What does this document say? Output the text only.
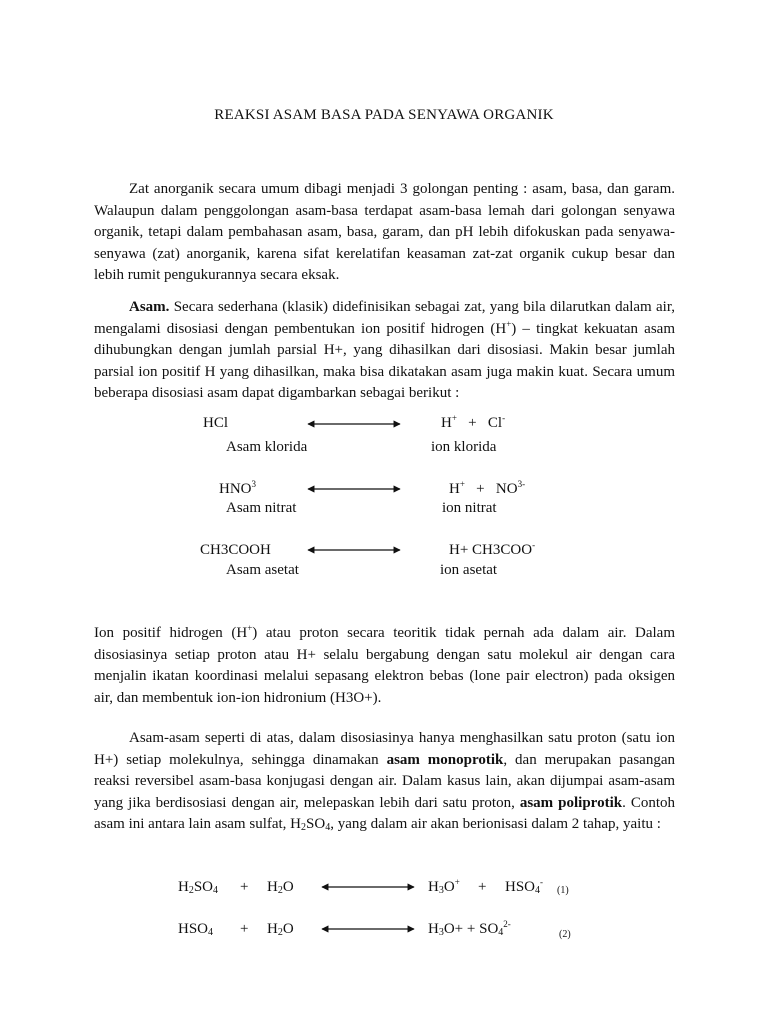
REAKSI ASAM BASA PADA SENYAWA ORGANIK

Zat anorganik secara umum dibagi menjadi 3 golongan penting : asam, basa, dan garam. Walaupun dalam penggolongan asam-basa terdapat asam-basa lemah dari golongan senyawa organik, tetapi dalam pembahasan asam, basa, garam, dan pH lebih difokuskan pada senyawa-senyawa (zat) anorganik, karena sifat kerelatifan keasaman zat-zat organik cukup besar dan lebih rumit pengukurannya secara eksak.

Asam. Secara sederhana (klasik) didefinisikan sebagai zat, yang bila dilarutkan dalam air, mengalami disosiasi dengan pembentukan ion positif hidrogen (H+) – tingkat kekuatan asam dihubungkan dengan jumlah parsial H+, yang dihasilkan dari disosiasi. Makin besar jumlah parsial ion positif H yang dihasilkan, maka bisa dikatakan asam juga makin kuat. Secara umum beberapa disosiasi asam dapat digambarkan sebagai berikut :

HCl	H+ + Cl-
Asam klorida	ion klorida
HNO$^3$	$H^+ + NO^{3-}$
Asam nitrat	ion nitrat
CH3COOH	H+ CH3COO-
Asam asetat	ion asetat

Ion positif hidrogen (H+) atau proton secara teoritik tidak pernah ada dalam air. Dalam disosiasinya setiap proton atau H+ selalu bergabung dengan satu molekul air dengan cara menjalin ikatan koordinasi melalui sepasang elektron bebas (lone pair electron) pada oksigen air, dan membentuk ion-ion hidronium (H3O+).

Asam-asam seperti di atas, dalam disosiasinya hanya menghasilkan satu proton (satu ion H+) setiap molekulnya, sehingga dinamakan asam monoprotik, dan merupakan pasangan reaksi reversibel asam-basa konjugasi dengan air. Dalam kasus lain, akan dijumpai asam-asam yang jika berdisosiasi dengan air, melepaskan lebih dari satu proton, asam poliprotik. Contoh asam ini antara lain asam sulfat, $H_2SO_4$, yang dalam air akan berionisasi dalam 2 tahap, yaitu :

$H_2SO_4 + H_2O$	$H_3O^+ + HSO_4^-$
(1)
$HSO_4 + H_2O$	$H_3O+ + SO_4^{2-}$
(2)
